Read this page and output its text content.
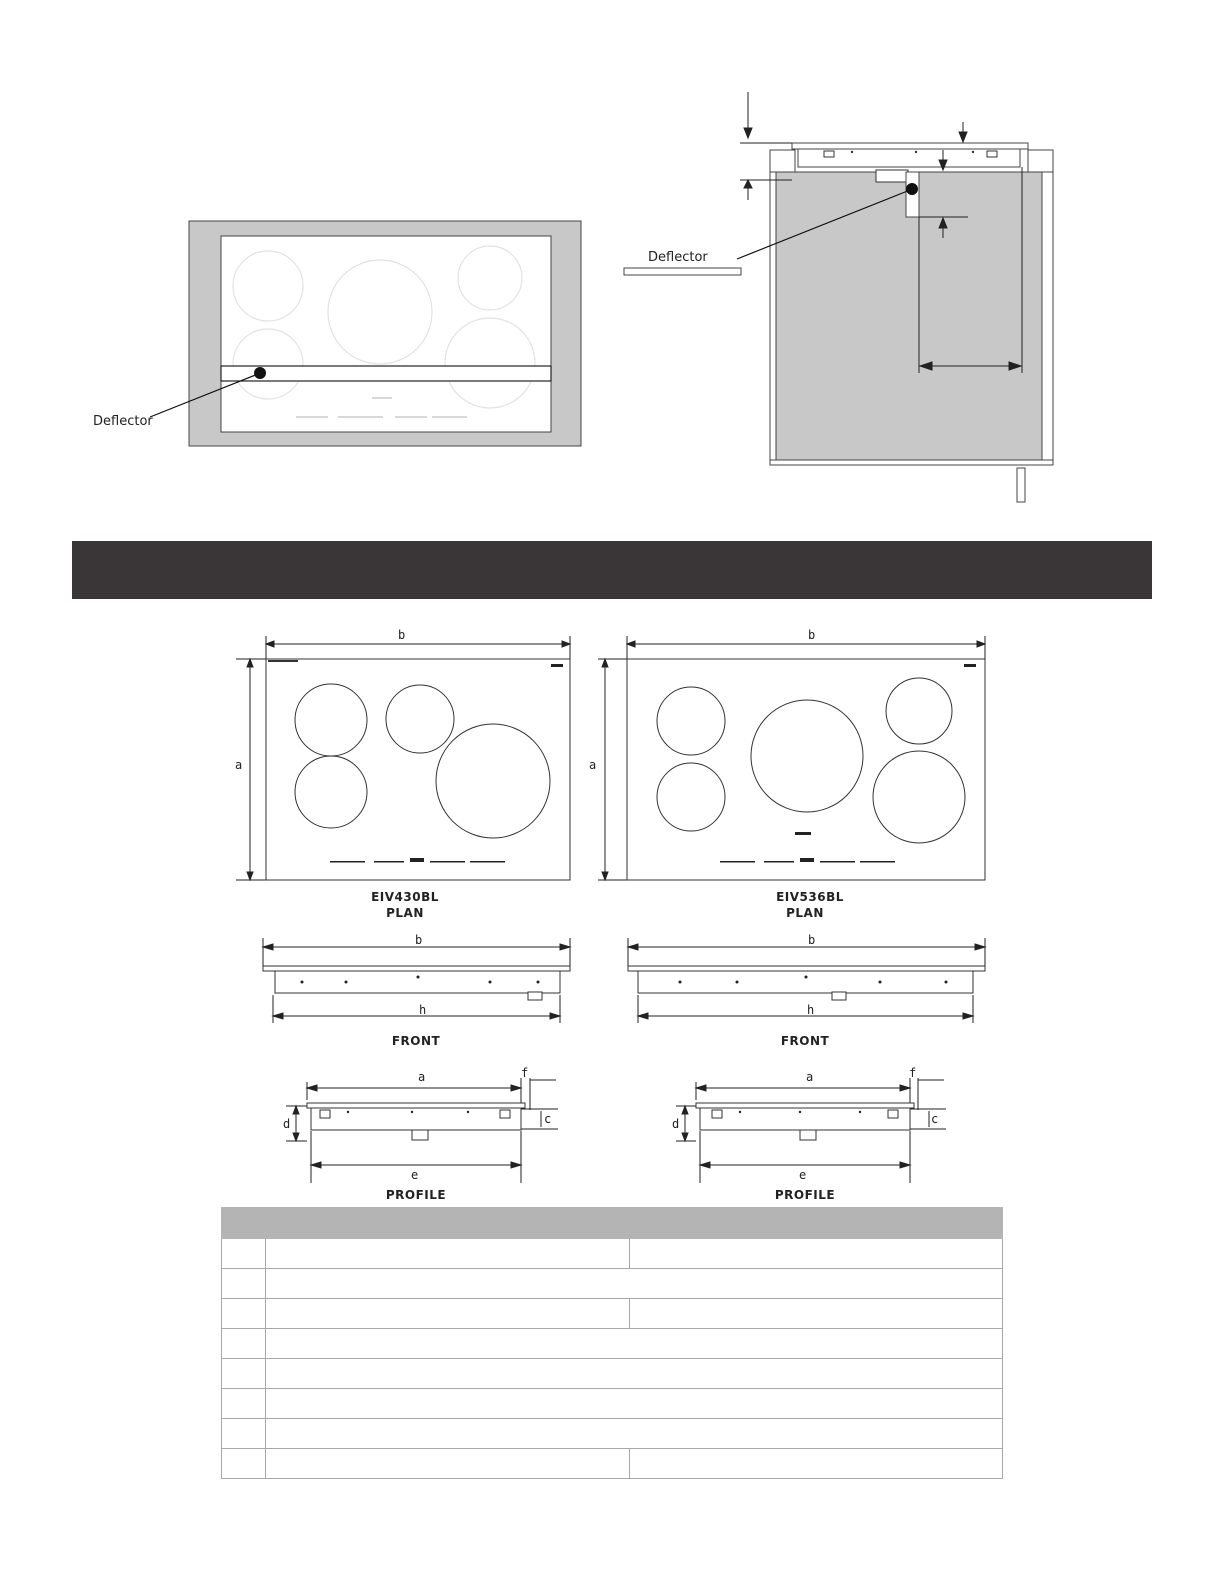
Deflector
Deflector
b
a
EIV430BL
PLAN
b
a
EIV536BL
PLAN
b
h
FRONT
b
h
FRONT
a	f
d	c
e
PROFILE
a	f
d	c
e
PROFILE
